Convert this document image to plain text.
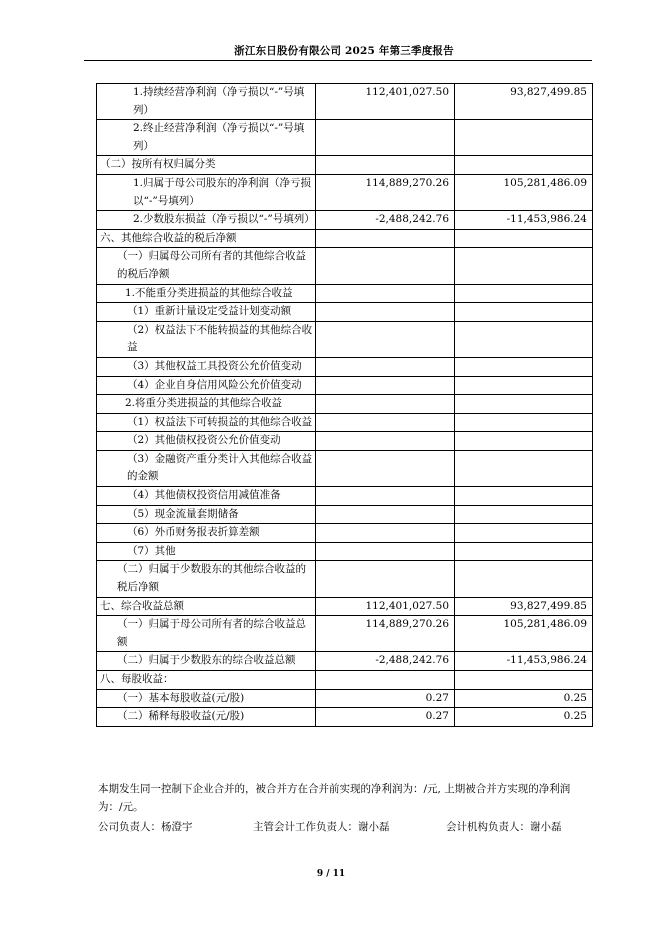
浙江东日股份有限公司 2025 年第三季度报告
1.持续经营净利润（净亏损以“-”号填列）	112,401,027.50	93,827,499.85
2.终止经营净利润（净亏损以“-”号填列）		
（二）按所有权归属分类		
1.归属于母公司股东的净利润（净亏损以“-”号填列）	114,889,270.26	105,281,486.09
2.少数股东损益（净亏损以“-”号填列）	-2,488,242.76	-11,453,986.24
六、其他综合收益的税后净额		
（一）归属母公司所有者的其他综合收益的税后净额		
1.不能重分类进损益的其他综合收益		
（1）重新计量设定受益计划变动额		
（2）权益法下不能转损益的其他综合收益		
（3）其他权益工具投资公允价值变动		
（4）企业自身信用风险公允价值变动		
2.将重分类进损益的其他综合收益		
（1）权益法下可转损益的其他综合收益		
（2）其他债权投资公允价值变动		
（3）金融资产重分类计入其他综合收益的金额		
（4）其他债权投资信用减值准备		
（5）现金流量套期储备		
（6）外币财务报表折算差额		
（7）其他		
（二）归属于少数股东的其他综合收益的税后净额		
七、综合收益总额	112,401,027.50	93,827,499.85
（一）归属于母公司所有者的综合收益总额	114,889,270.26	105,281,486.09
（二）归属于少数股东的综合收益总额	-2,488,242.76	-11,453,986.24
八、每股收益：		
（一）基本每股收益(元/股)	0.27	0.25
（二）稀释每股收益(元/股)	0.27	0.25
本期发生同一控制下企业合并的，被合并方在合并前实现的净利润为：/元, 上期被合并方实现的净利润为：/元。
公司负责人：杨澄宇	主管会计工作负责人：谢小磊	会计机构负责人：谢小磊
9 / 11
